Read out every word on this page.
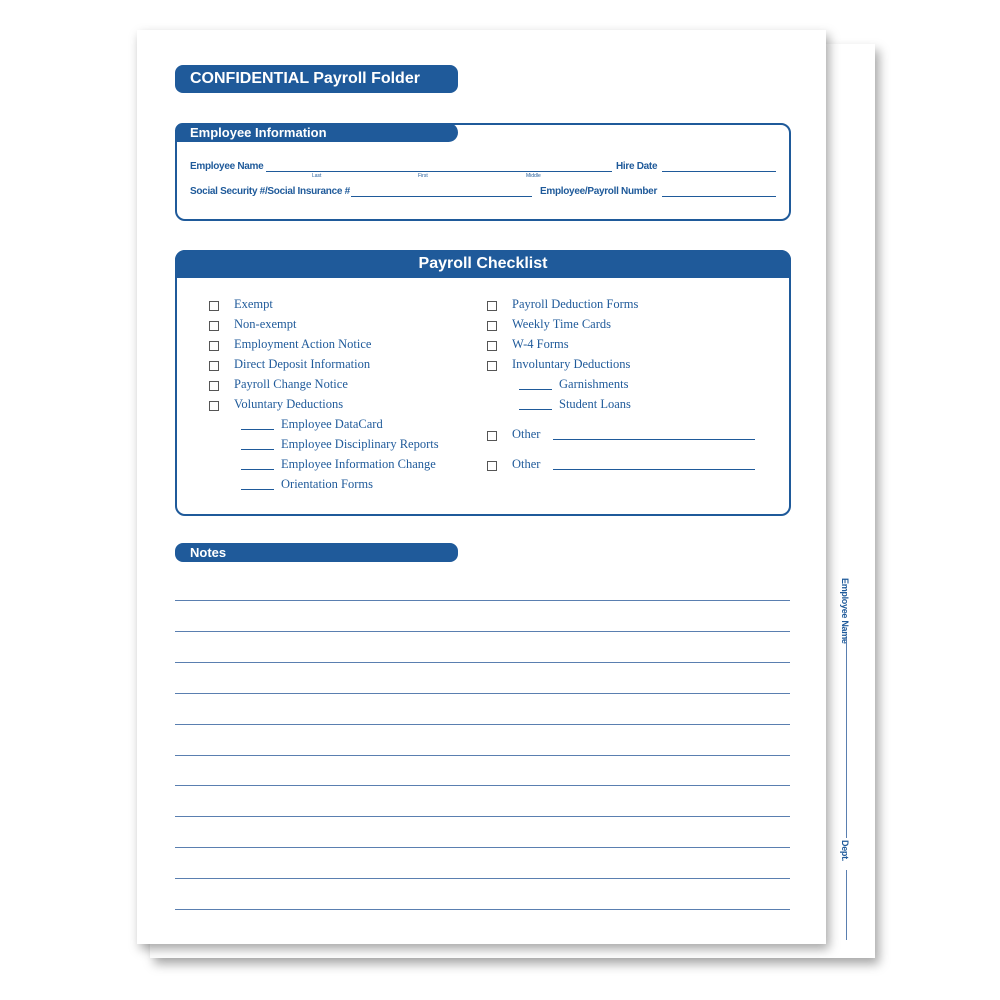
Employee Name
Dept.
CONFIDENTIAL Payroll Folder
Employee Information
Employee Name
Last	First	Middle
Hire Date
Social Security #/Social Insurance #	Employee/Payroll Number
Payroll Checklist
Exempt
Non-exempt
Employment Action Notice
Direct Deposit Information
Payroll Change Notice
Voluntary Deductions
Employee DataCard
Employee Disciplinary Reports
Employee Information Change
Orientation Forms
Payroll Deduction Forms
Weekly Time Cards
W-4 Forms
Involuntary Deductions
Garnishments
Student Loans
Other
Other
Notes
